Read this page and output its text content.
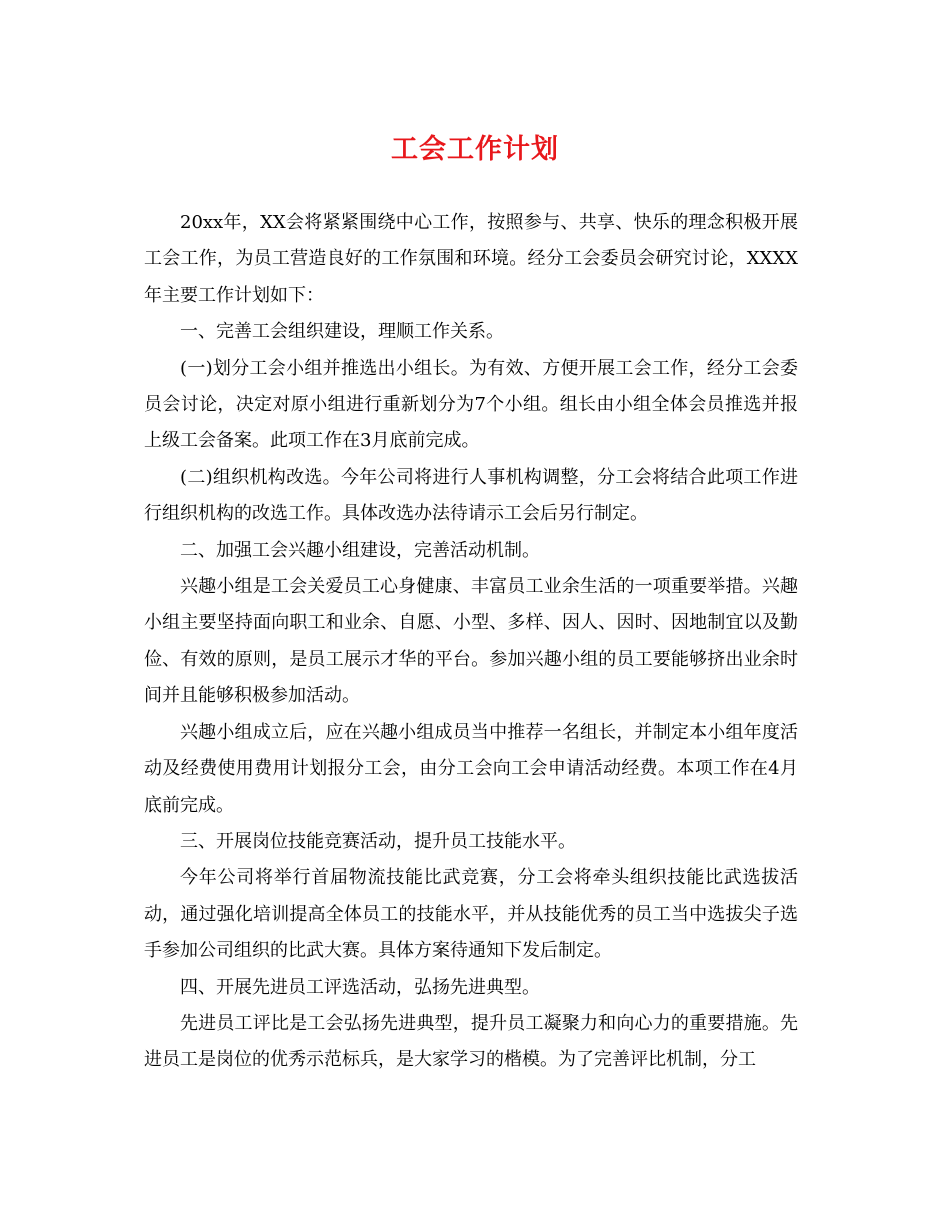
工会工作计划

20xx年，XX会将紧紧围绕中心工作，按照参与、共享、快乐的理念积极开展工会工作，为员工营造良好的工作氛围和环境。经分工会委员会研究讨论，XXXX年主要工作计划如下：

一、完善工会组织建设，理顺工作关系。

(一)划分工会小组并推选出小组长。为有效、方便开展工会工作，经分工会委员会讨论，决定对原小组进行重新划分为7个小组。组长由小组全体会员推选并报上级工会备案。此项工作在3月底前完成。

(二)组织机构改选。今年公司将进行人事机构调整，分工会将结合此项工作进行组织机构的改选工作。具体改选办法待请示工会后另行制定。

二、加强工会兴趣小组建设，完善活动机制。

兴趣小组是工会关爱员工心身健康、丰富员工业余生活的一项重要举措。兴趣小组主要坚持面向职工和业余、自愿、小型、多样、因人、因时、因地制宜以及勤俭、有效的原则，是员工展示才华的平台。参加兴趣小组的员工要能够挤出业余时间并且能够积极参加活动。

兴趣小组成立后，应在兴趣小组成员当中推荐一名组长，并制定本小组年度活动及经费使用费用计划报分工会，由分工会向工会申请活动经费。本项工作在4月底前完成。

三、开展岗位技能竞赛活动，提升员工技能水平。

今年公司将举行首届物流技能比武竞赛，分工会将牵头组织技能比武选拔活动，通过强化培训提高全体员工的技能水平，并从技能优秀的员工当中选拔尖子选手参加公司组织的比武大赛。具体方案待通知下发后制定。

四、开展先进员工评选活动，弘扬先进典型。

先进员工评比是工会弘扬先进典型，提升员工凝聚力和向心力的重要措施。先进员工是岗位的优秀示范标兵，是大家学习的楷模。为了完善评比机制，分工
